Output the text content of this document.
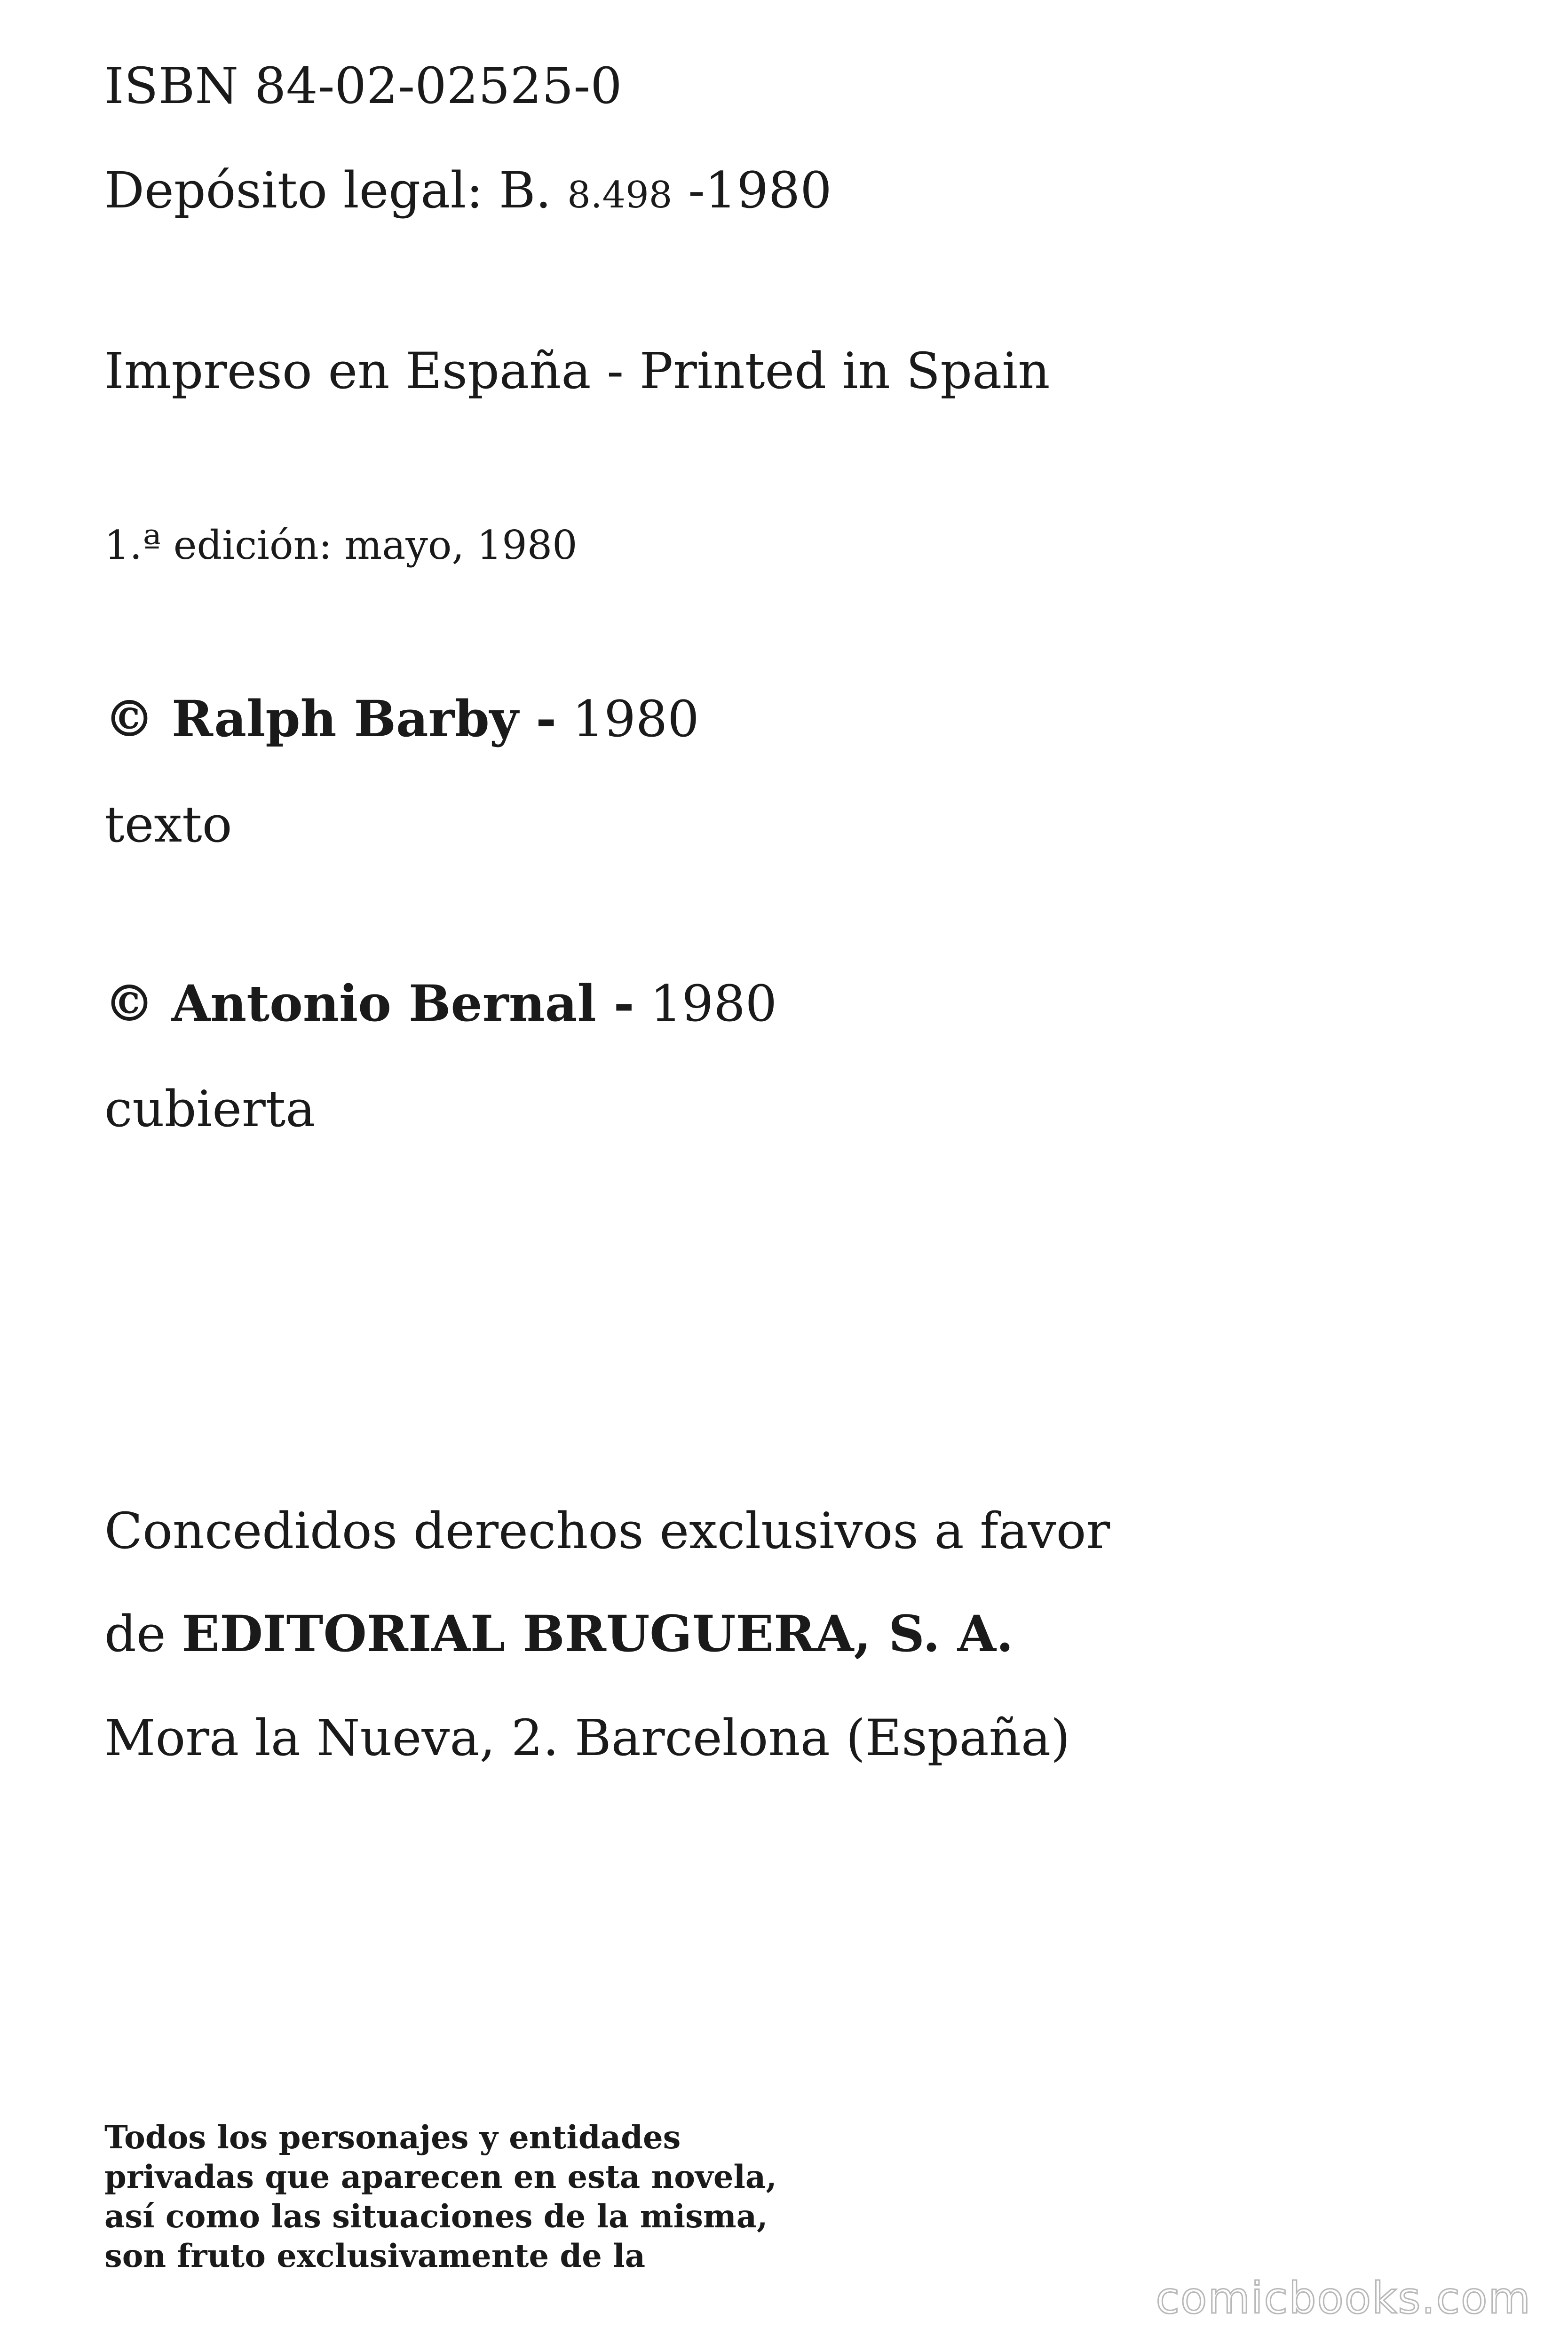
ISBN 84-02-02525-0
Depósito legal: B. 8.498 -1980
Impreso en España - Printed in Spain
1.ª edición: mayo, 1980
© Ralph Barby - 1980
texto
© Antonio Bernal - 1980
cubierta
Concedidos derechos exclusivos a favor
de EDITORIAL BRUGUERA, S. A.
Mora la Nueva, 2. Barcelona (España)
Todos los personajes y entidades
privadas que aparecen en esta novela,
así como las situaciones de la misma,
son fruto exclusivamente de la
comicbooks.com
